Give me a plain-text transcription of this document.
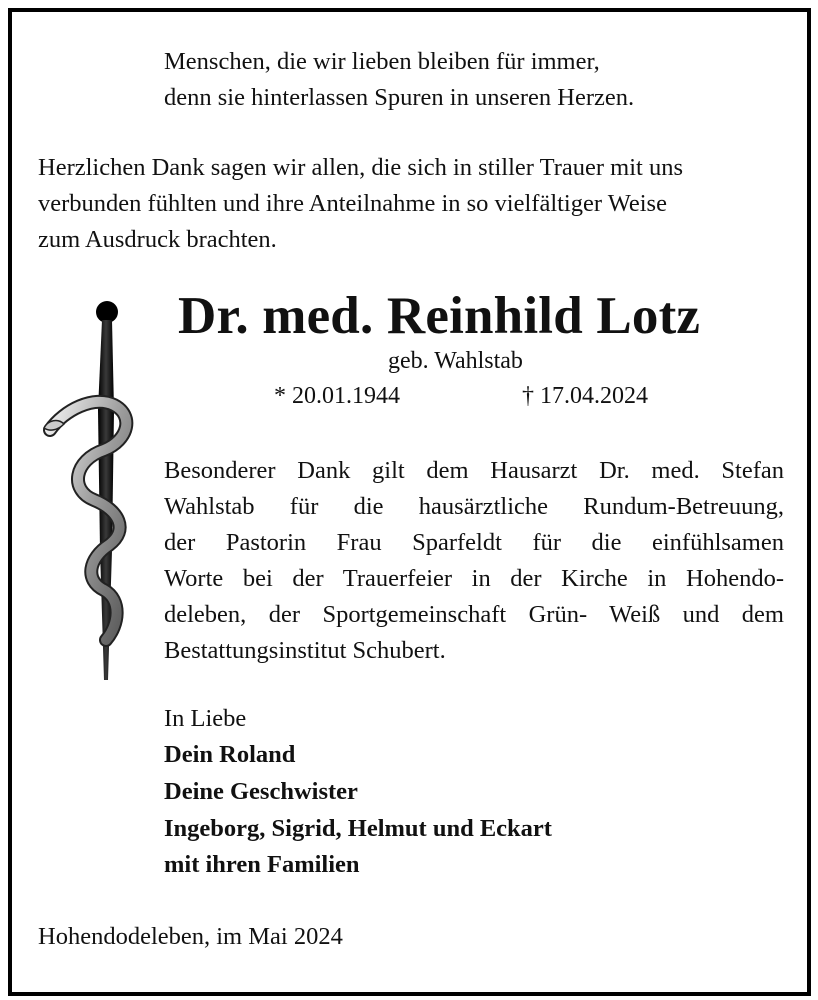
Menschen, die wir lieben bleiben für immer,
denn sie hinterlassen Spuren in unseren Herzen.
Herzlichen Dank sagen wir allen, die sich in stiller Trauer mit uns
verbunden fühlten und ihre Anteilnahme in so vielfältiger Weise
zum Ausdruck brachten.
Dr. med. Reinhild Lotz
geb. Wahlstab
* 20.01.1944	† 17.04.2024
Besonderer Dank gilt dem Hausarzt Dr. med. Stefan
Wahlstab für die hausärztliche Rundum-Betreuung,
der Pastorin Frau Sparfeldt für die einfühlsamen
Worte bei der Trauerfeier in der Kirche in Hohendo-
deleben, der Sportgemeinschaft Grün- Weiß und dem
Bestattungsinstitut Schubert.
In Liebe
Dein Roland
Deine Geschwister
Ingeborg, Sigrid, Helmut und Eckart
mit ihren Familien
Hohendodeleben, im Mai 2024
